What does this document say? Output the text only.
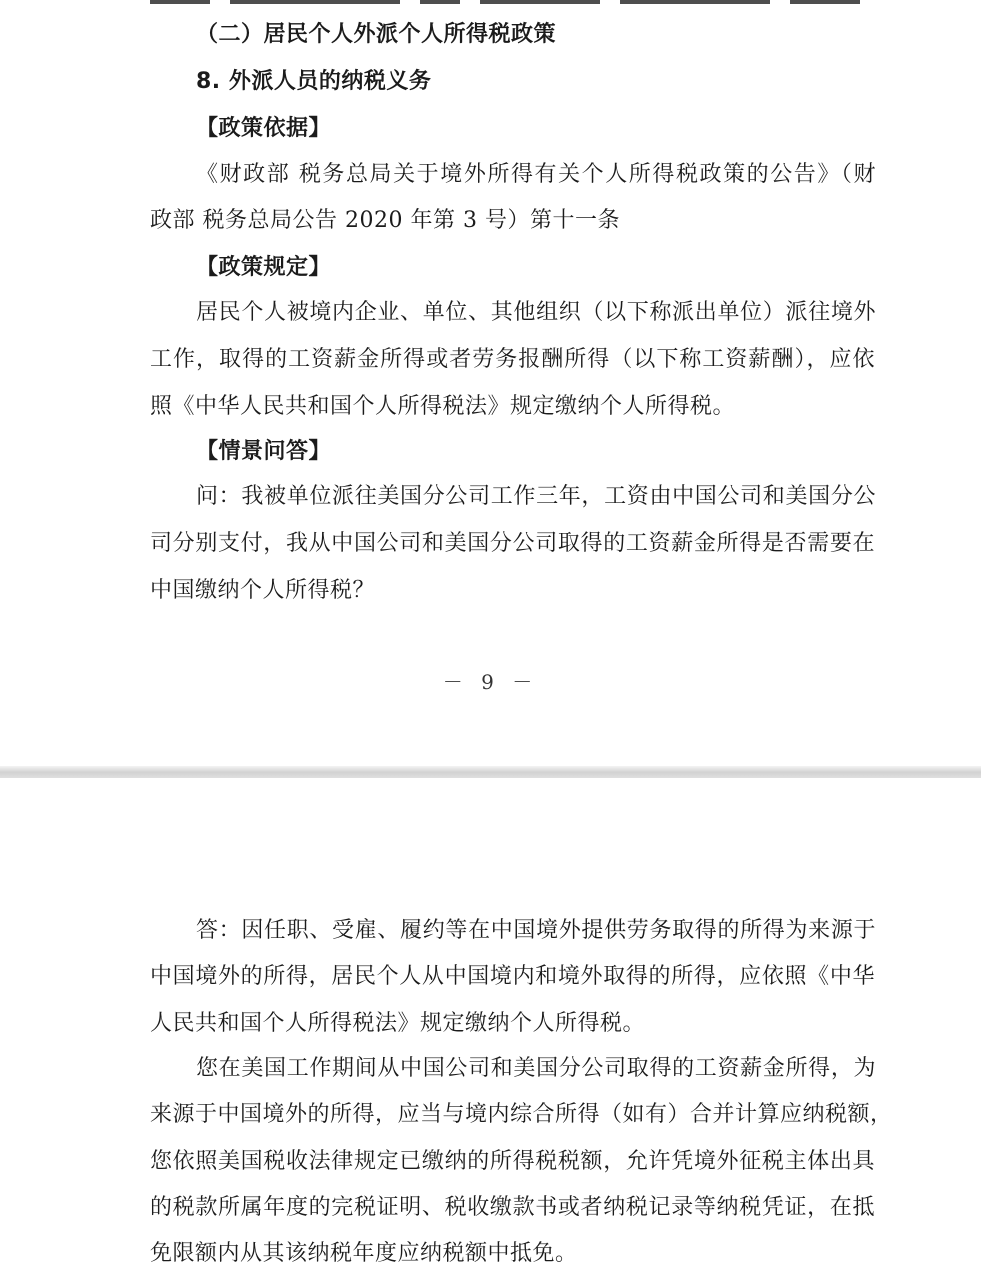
（二）居民个人外派个人所得税政策
8. 外派人员的纳税义务
【政策依据】
《财政部 税务总局关于境外所得有关个人所得税政策的公告》（财
政部 税务总局公告 2020 年第 3 号）第十一条
【政策规定】
居民个人被境内企业、单位、其他组织（以下称派出单位）派往境外
工作，取得的工资薪金所得或者劳务报酬所得（以下称工资薪酬），应依
照《中华人民共和国个人所得税法》规定缴纳个人所得税。
【情景问答】
问：我被单位派往美国分公司工作三年，工资由中国公司和美国分公
司分别支付，我从中国公司和美国分公司取得的工资薪金所得是否需要在
中国缴纳个人所得税？
－ 9 －
答：因任职、受雇、履约等在中国境外提供劳务取得的所得为来源于
中国境外的所得，居民个人从中国境内和境外取得的所得，应依照《中华
人民共和国个人所得税法》规定缴纳个人所得税。
您在美国工作期间从中国公司和美国分公司取得的工资薪金所得，为
来源于中国境外的所得，应当与境内综合所得（如有）合并计算应纳税额，
您依照美国税收法律规定已缴纳的所得税税额，允许凭境外征税主体出具
的税款所属年度的完税证明、税收缴款书或者纳税记录等纳税凭证，在抵
免限额内从其该纳税年度应纳税额中抵免。
